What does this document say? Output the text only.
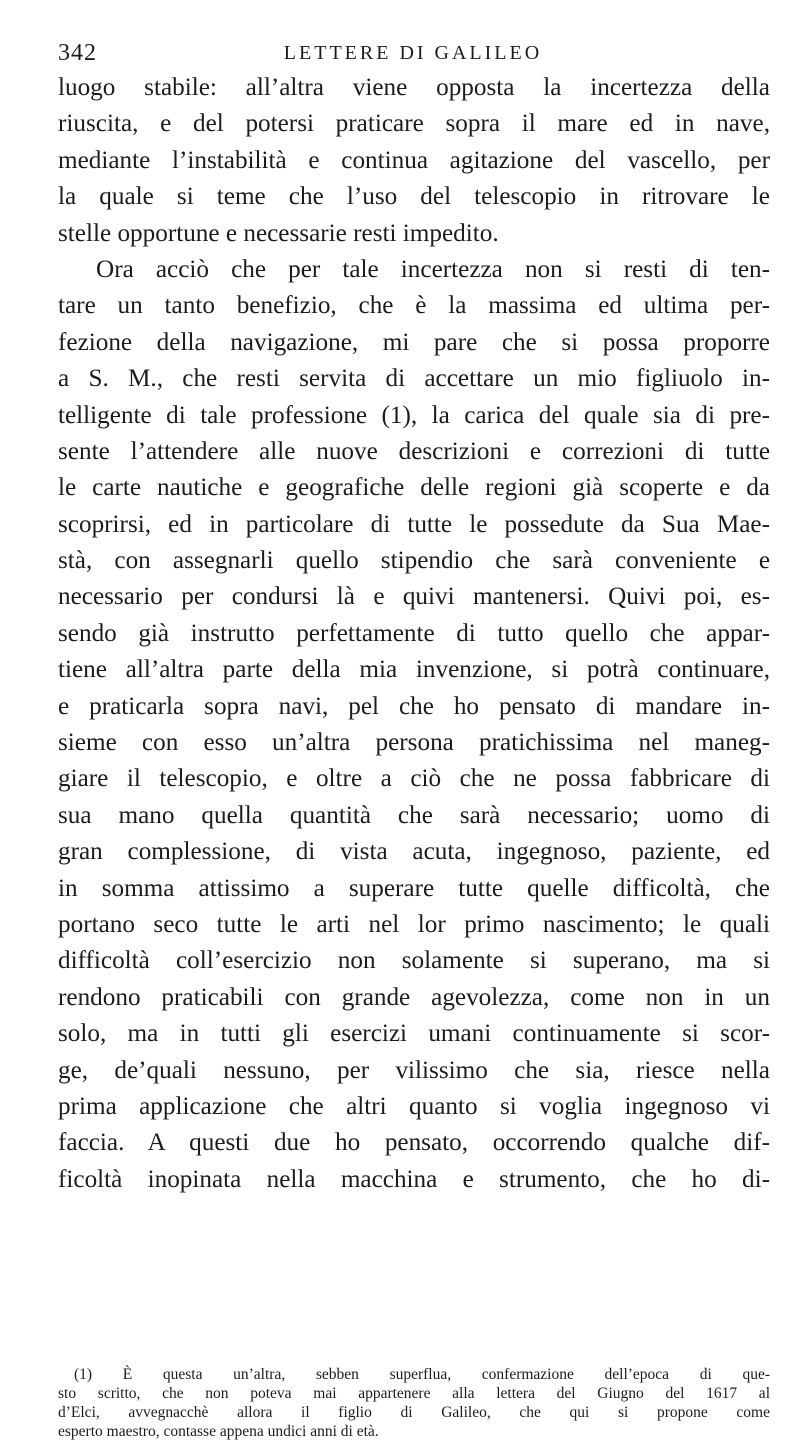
342	LETTERE DI GALILEO
luogo stabile: all’altra viene opposta la incertezza della
riuscita, e del potersi praticare sopra il mare ed in nave,
mediante l’instabilità e continua agitazione del vascello, per
la quale si teme che l’uso del telescopio in ritrovare le
stelle opportune e necessarie resti impedito.
Ora acciò che per tale incertezza non si resti di ten-
tare un tanto benefizio, che è la massima ed ultima per-
fezione della navigazione, mi pare che si possa proporre
a S. M., che resti servita di accettare un mio figliuolo in-
telligente di tale professione (1), la carica del quale sia di pre-
sente l’attendere alle nuove descrizioni e correzioni di tutte
le carte nautiche e geografiche delle regioni già scoperte e da
scoprirsi, ed in particolare di tutte le possedute da Sua Mae-
stà, con assegnarli quello stipendio che sarà conveniente e
necessario per condursi là e quivi mantenersi. Quivi poi, es-
sendo già instrutto perfettamente di tutto quello che appar-
tiene all’altra parte della mia invenzione, si potrà continuare,
e praticarla sopra navi, pel che ho pensato di mandare in-
sieme con esso un’altra persona pratichissima nel maneg-
giare il telescopio, e oltre a ciò che ne possa fabbricare di
sua mano quella quantità che sarà necessario; uomo di
gran complessione, di vista acuta, ingegnoso, paziente, ed
in somma attissimo a superare tutte quelle difficoltà, che
portano seco tutte le arti nel lor primo nascimento; le quali
difficoltà coll’esercizio non solamente si superano, ma si
rendono praticabili con grande agevolezza, come non in un
solo, ma in tutti gli esercizi umani continuamente si scor-
ge, de’quali nessuno, per vilissimo che sia, riesce nella
prima applicazione che altri quanto si voglia ingegnoso vi
faccia. A questi due ho pensato, occorrendo qualche dif-
ficoltà inopinata nella macchina e strumento, che ho di-
(1) È questa un’altra, sebben superflua, confermazione dell’epoca di que-
sto scritto, che non poteva mai appartenere alla lettera del Giugno del 1617 al
d’Elci, avvegnacchè allora il figlio di Galileo, che qui si propone come
esperto maestro, contasse appena undici anni di età.
